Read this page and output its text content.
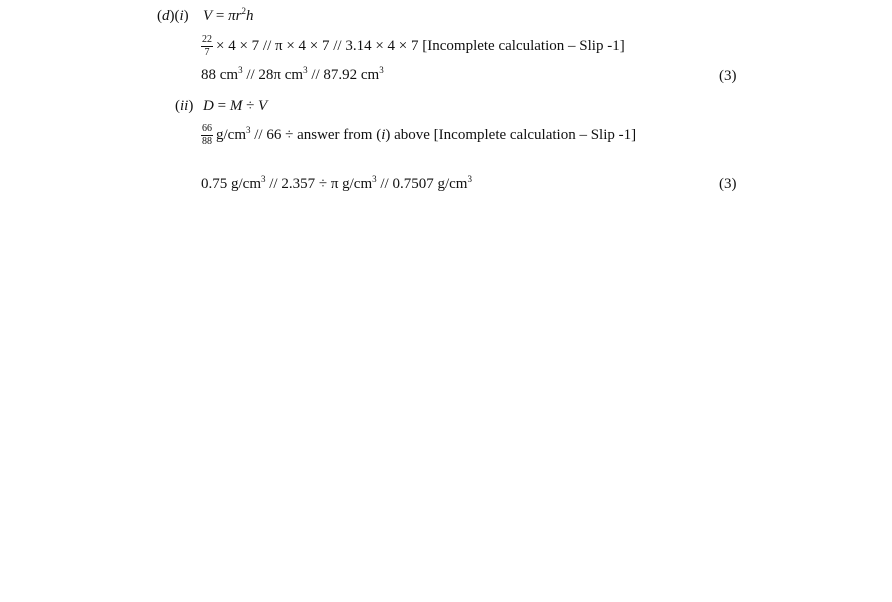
(d)(i) $V = \pi r^2h$
$\frac{22}{7} \times 4 \times 7 // \pi \times 4 \times 7 // 3.14 \times 4 \times 7$ [Incomplete calculation – Slip -1]
88 $cm^3 // 28\pi$ $cm^3 // 87.92$ $cm^3$	(3)
(ii) D = M ÷ V
$\frac{66}{88} g/cm^3 // 66$ ÷ answer from (i) above [Incomplete calculation – Slip -1]
0.75 $g/cm^3 // 2.357 \div \pi$ $g/cm^3 // 0.7507$ $g/cm^3$	(3)
